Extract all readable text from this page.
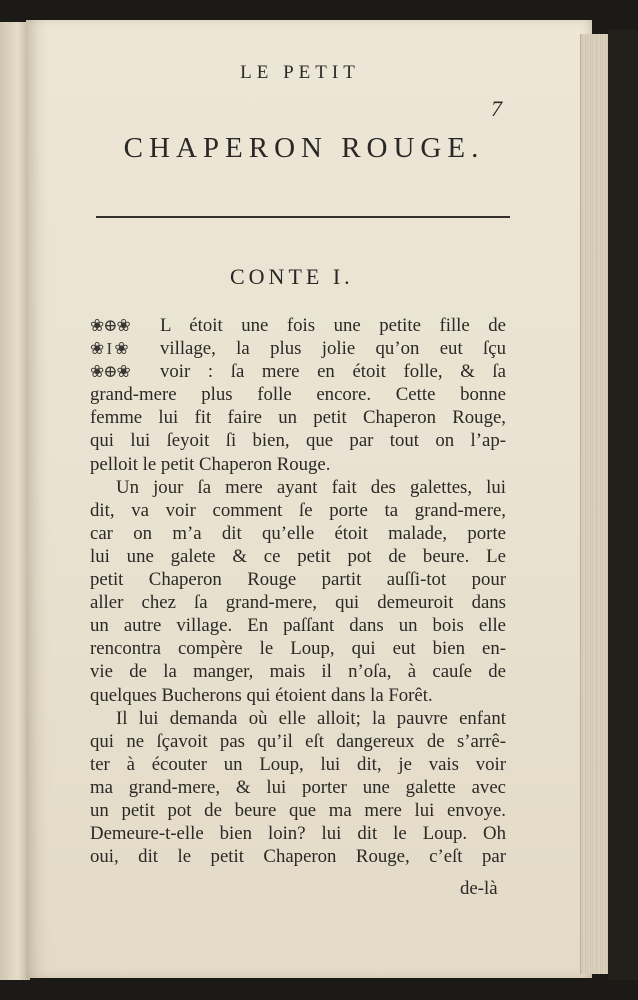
LE PETIT
7
CHAPERON ROUGE.
CONTE I.
❀⊕❀	L étoit une fois une petite fille de
❀ I ❀	village, la plus jolie qu’on eut ſçu
❀⊕❀	voir : ſa mere en étoit folle, & ſa
grand-mere plus folle encore. Cette bonne
femme lui fit faire un petit Chaperon Rouge,
qui lui ſeyoit ſi bien, que par tout on l’ap-
pelloit le petit Chaperon Rouge.
Un jour ſa mere ayant fait des galettes, lui
dit, va voir comment ſe porte ta grand-mere,
car on m’a dit qu’elle étoit malade, porte
lui une galete & ce petit pot de beure. Le
petit Chaperon Rouge partit auſſi-tot pour
aller chez ſa grand-mere, qui demeuroit dans
un autre village. En paſſant dans un bois elle
rencontra compère le Loup, qui eut bien en-
vie de la manger, mais il n’oſa, à cauſe de
quelques Bucherons qui étoient dans la Forêt.
Il lui demanda où elle alloit; la pauvre enfant
qui ne ſçavoit pas qu’il eſt dangereux de s’arrê-
ter à écouter un Loup, lui dit, je vais voir
ma grand-mere, & lui porter une galette avec
un petit pot de beure que ma mere lui envoye.
Demeure-t-elle bien loin? lui dit le Loup. Oh
oui, dit le petit Chaperon Rouge, c’eſt par
de-là
